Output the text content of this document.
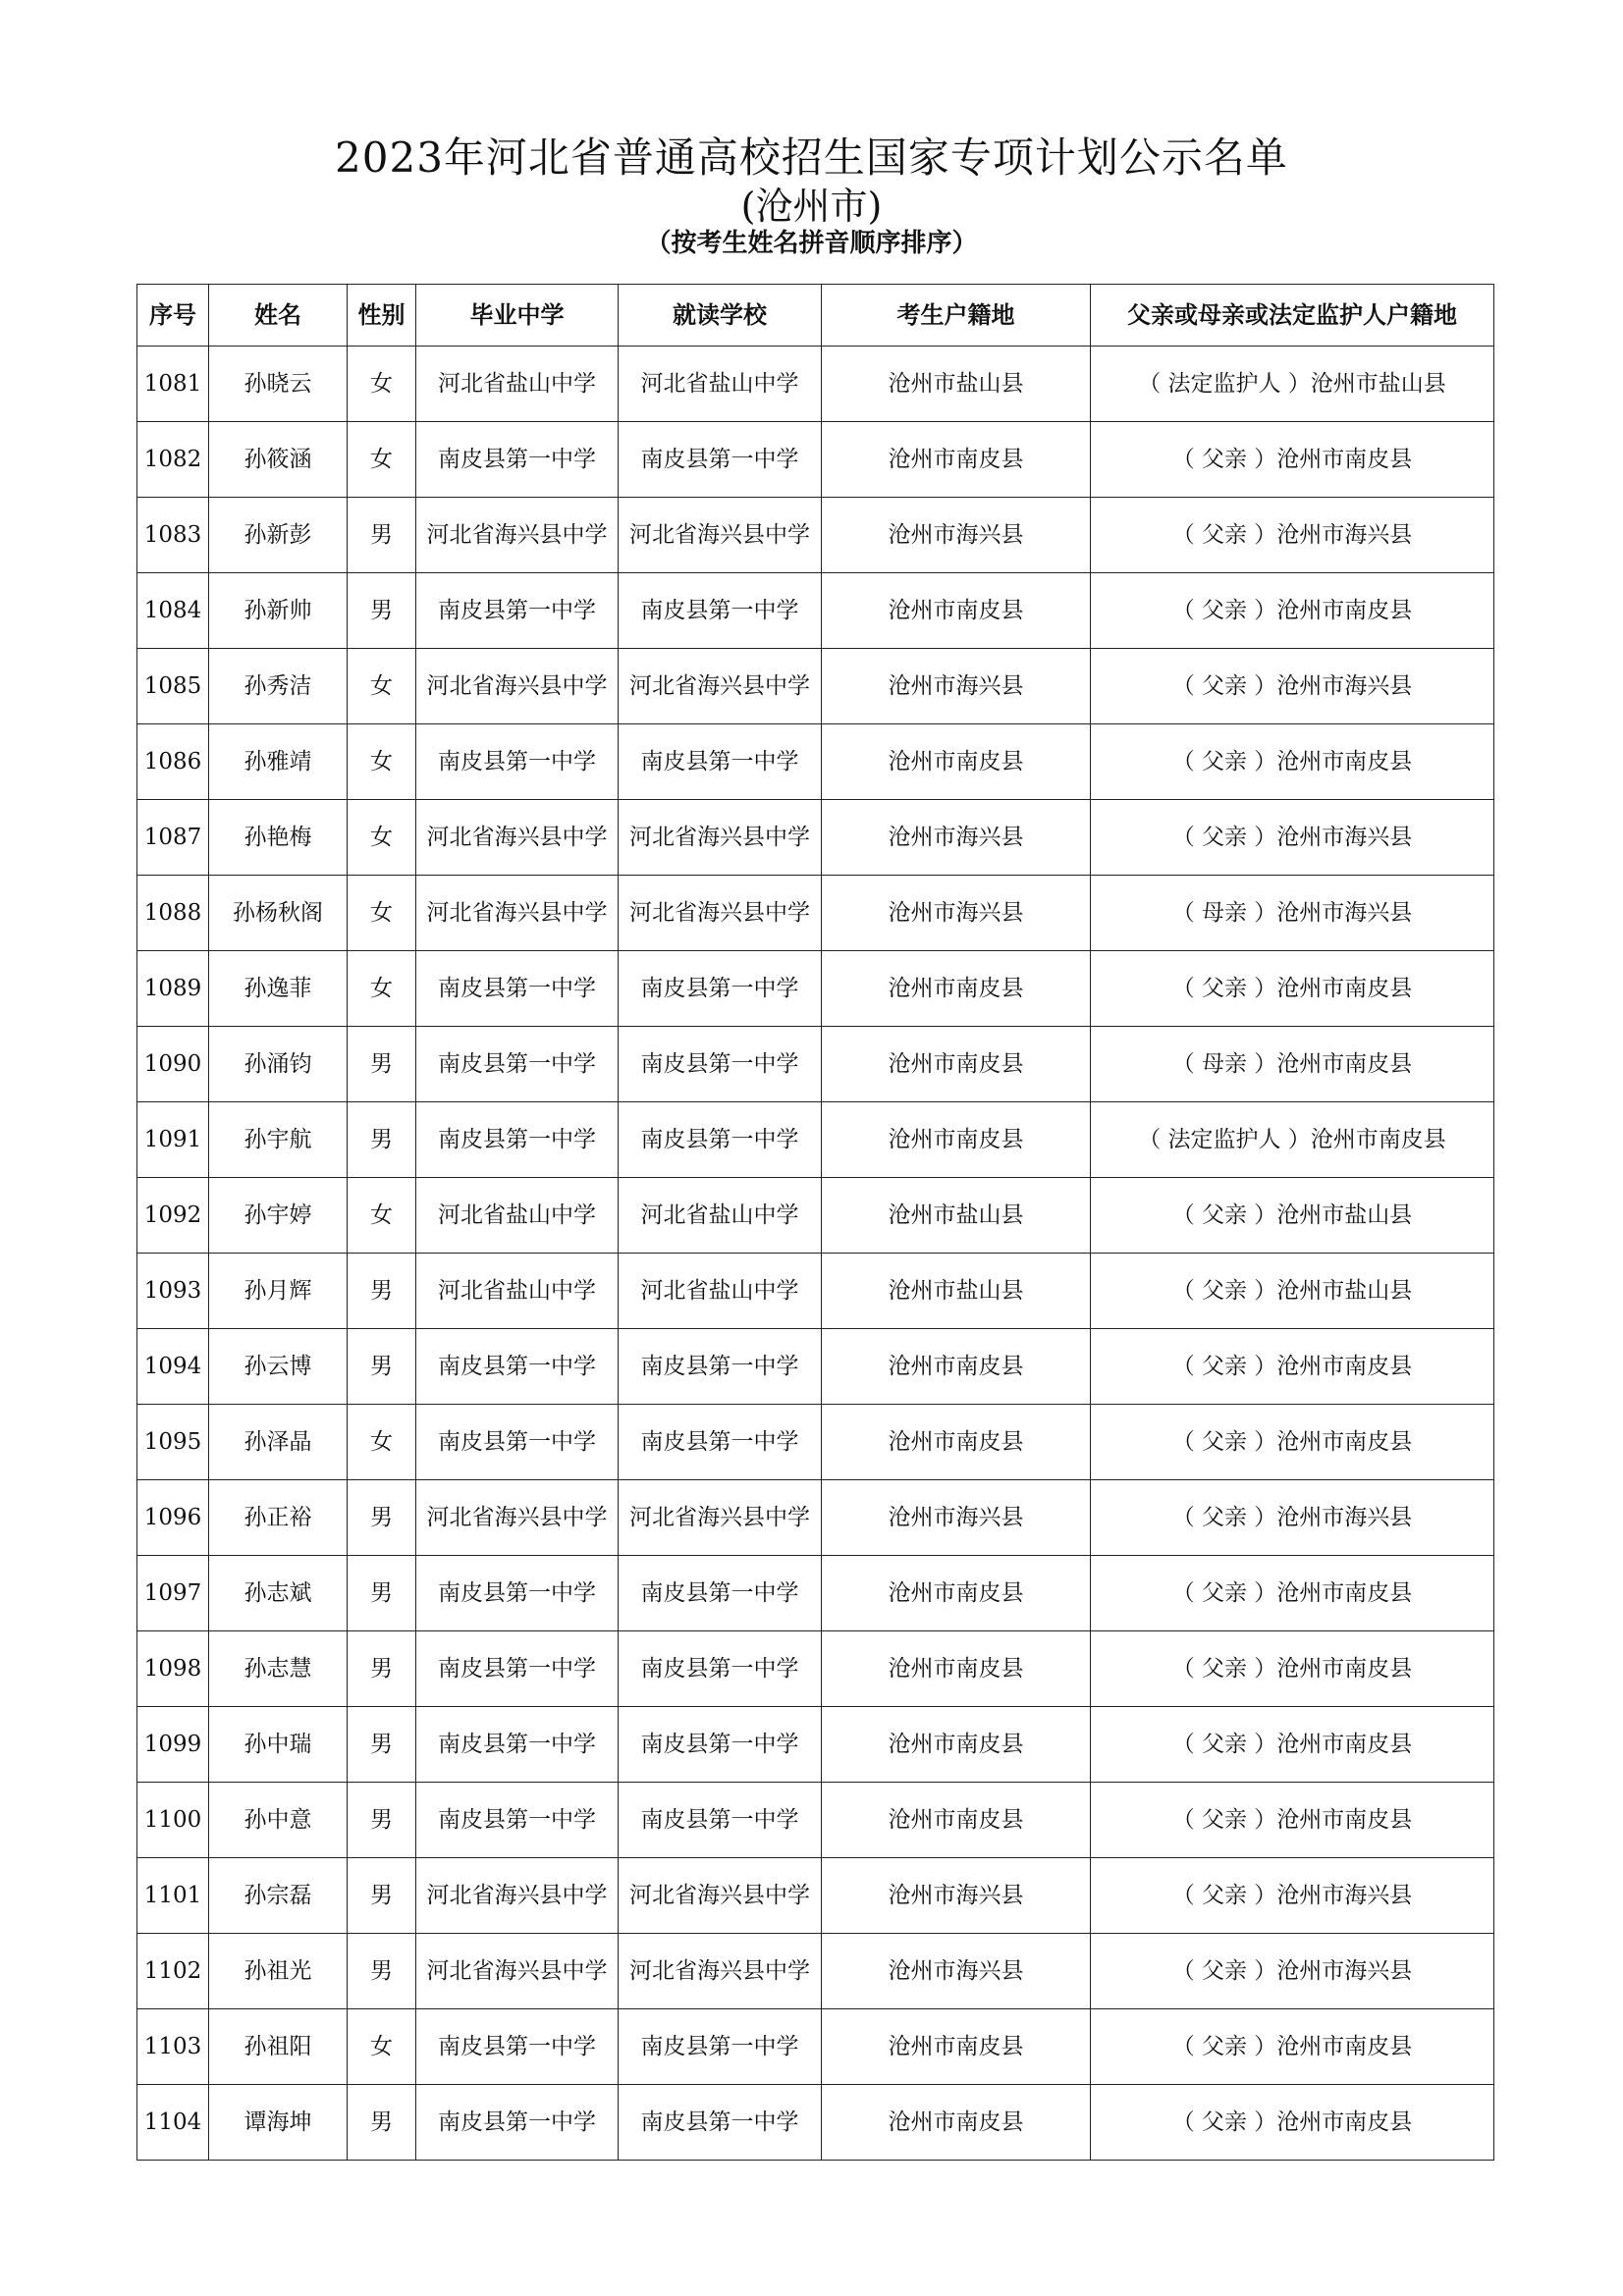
2023年河北省普通高校招生国家专项计划公示名单
(沧州市)
（按考生姓名拼音顺序排序）
序号	姓名	性别	毕业中学	就读学校	考生户籍地	父亲或母亲或法定监护人户籍地
1081	孙晓云	女	河北省盐山中学	河北省盐山中学	沧州市盐山县	（ 法定监护人 ）沧州市盐山县
1082	孙筱涵	女	南皮县第一中学	南皮县第一中学	沧州市南皮县	（ 父亲 ）沧州市南皮县
1083	孙新彭	男	河北省海兴县中学	河北省海兴县中学	沧州市海兴县	（ 父亲 ）沧州市海兴县
1084	孙新帅	男	南皮县第一中学	南皮县第一中学	沧州市南皮县	（ 父亲 ）沧州市南皮县
1085	孙秀洁	女	河北省海兴县中学	河北省海兴县中学	沧州市海兴县	（ 父亲 ）沧州市海兴县
1086	孙雅靖	女	南皮县第一中学	南皮县第一中学	沧州市南皮县	（ 父亲 ）沧州市南皮县
1087	孙艳梅	女	河北省海兴县中学	河北省海兴县中学	沧州市海兴县	（ 父亲 ）沧州市海兴县
1088	孙杨秋阁	女	河北省海兴县中学	河北省海兴县中学	沧州市海兴县	（ 母亲 ）沧州市海兴县
1089	孙逸菲	女	南皮县第一中学	南皮县第一中学	沧州市南皮县	（ 父亲 ）沧州市南皮县
1090	孙涌钧	男	南皮县第一中学	南皮县第一中学	沧州市南皮县	（ 母亲 ）沧州市南皮县
1091	孙宇航	男	南皮县第一中学	南皮县第一中学	沧州市南皮县	（ 法定监护人 ）沧州市南皮县
1092	孙宇婷	女	河北省盐山中学	河北省盐山中学	沧州市盐山县	（ 父亲 ）沧州市盐山县
1093	孙月辉	男	河北省盐山中学	河北省盐山中学	沧州市盐山县	（ 父亲 ）沧州市盐山县
1094	孙云博	男	南皮县第一中学	南皮县第一中学	沧州市南皮县	（ 父亲 ）沧州市南皮县
1095	孙泽晶	女	南皮县第一中学	南皮县第一中学	沧州市南皮县	（ 父亲 ）沧州市南皮县
1096	孙正裕	男	河北省海兴县中学	河北省海兴县中学	沧州市海兴县	（ 父亲 ）沧州市海兴县
1097	孙志斌	男	南皮县第一中学	南皮县第一中学	沧州市南皮县	（ 父亲 ）沧州市南皮县
1098	孙志慧	男	南皮县第一中学	南皮县第一中学	沧州市南皮县	（ 父亲 ）沧州市南皮县
1099	孙中瑞	男	南皮县第一中学	南皮县第一中学	沧州市南皮县	（ 父亲 ）沧州市南皮县
1100	孙中意	男	南皮县第一中学	南皮县第一中学	沧州市南皮县	（ 父亲 ）沧州市南皮县
1101	孙宗磊	男	河北省海兴县中学	河北省海兴县中学	沧州市海兴县	（ 父亲 ）沧州市海兴县
1102	孙祖光	男	河北省海兴县中学	河北省海兴县中学	沧州市海兴县	（ 父亲 ）沧州市海兴县
1103	孙祖阳	女	南皮县第一中学	南皮县第一中学	沧州市南皮县	（ 父亲 ）沧州市南皮县
1104	谭海坤	男	南皮县第一中学	南皮县第一中学	沧州市南皮县	（ 父亲 ）沧州市南皮县
